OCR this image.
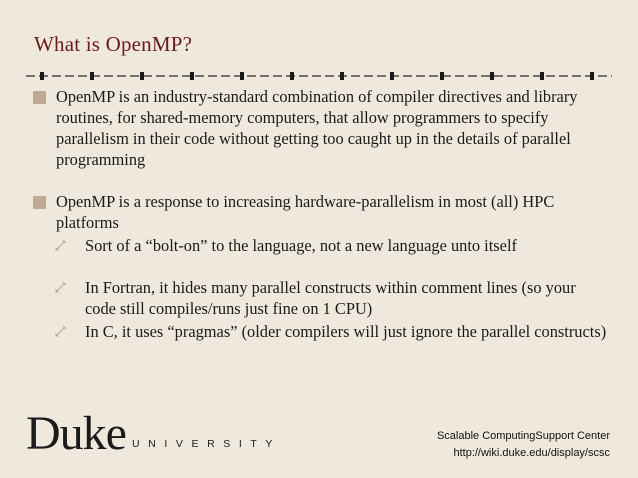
What is OpenMP?
OpenMP is an industry-standard combination of compiler directives and library routines, for shared-memory computers, that allow programmers to specify parallelism in their code without getting too caught up in the details of parallel programming
OpenMP is a response to increasing hardware-parallelism in most (all) HPC platforms
Sort of a “bolt-on” to the language, not a new language unto itself
In Fortran, it hides many parallel constructs within comment lines (so your code still compiles/runs just fine on 1 CPU)
In C, it uses “pragmas” (older compilers will just ignore the parallel constructs)
Duke UNIVERSITY
Scalable ComputingSupport Center
http://wiki.duke.edu/display/scsc
